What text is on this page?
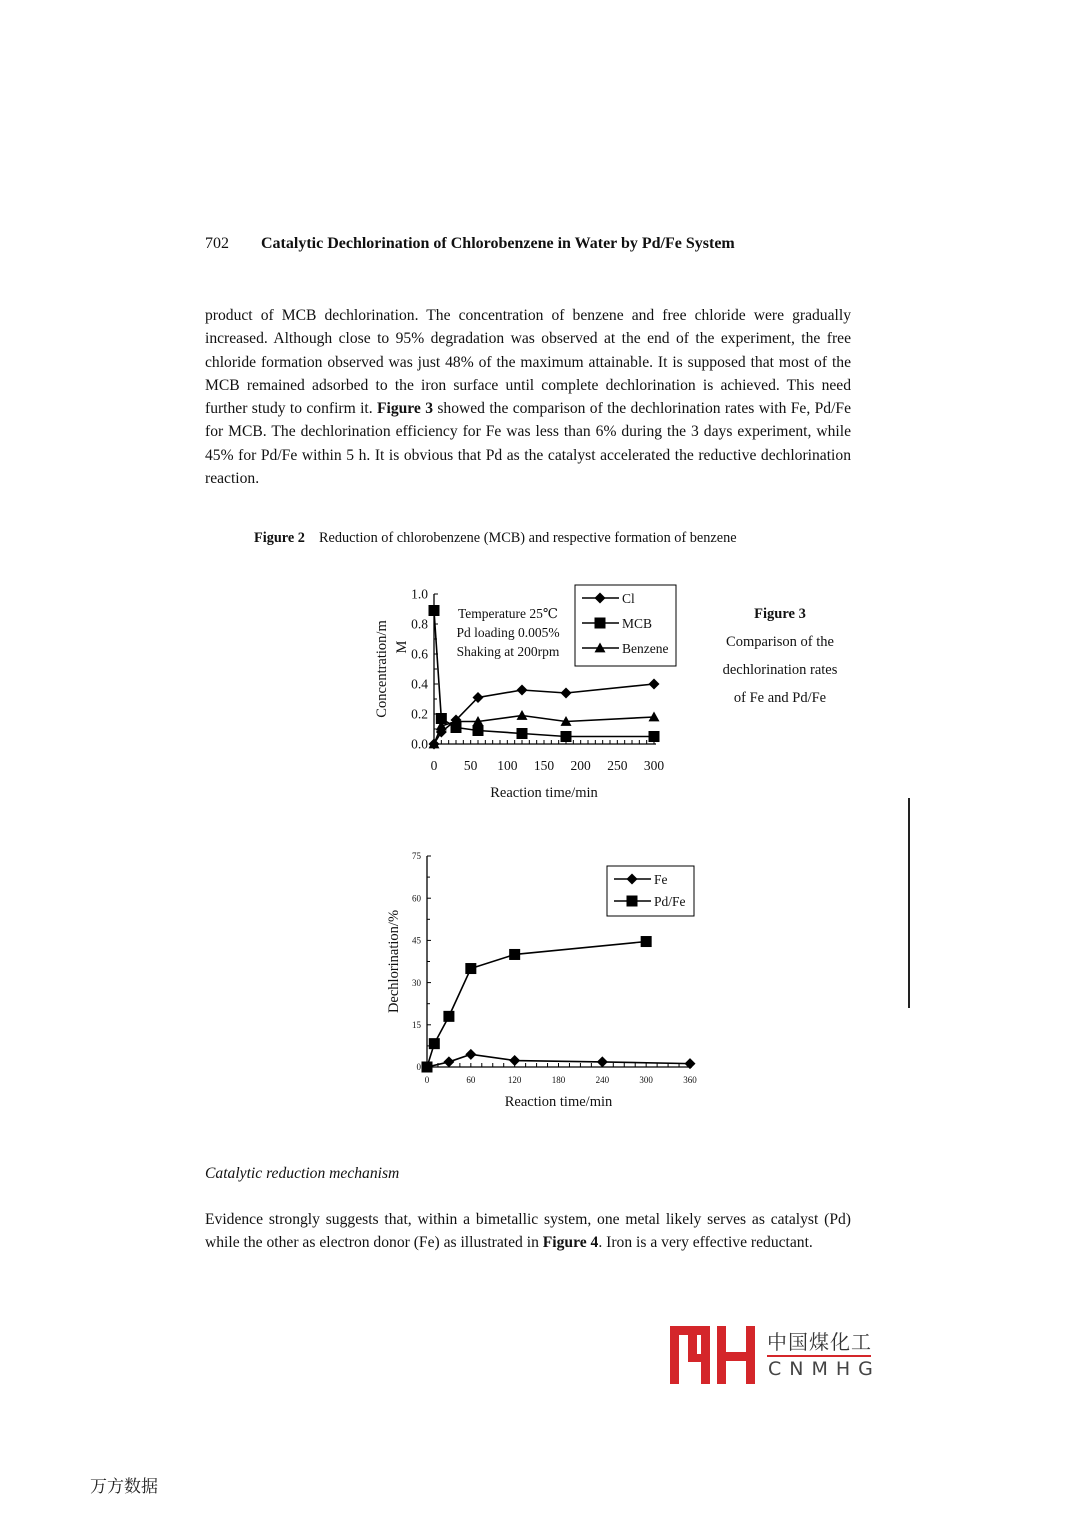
702 Catalytic Dechlorination of Chlorobenzene in Water by Pd/Fe System
product of MCB dechlorination. The concentration of benzene and free chloride were gradually increased. Although close to 95% degradation was observed at the end of the experiment, the free chloride formation observed was just 48% of the maximum attainable. It is supposed that most of the MCB remained adsorbed to the iron surface until complete dechlorination is achieved. This need further study to confirm it. Figure 3 showed the comparison of the dechlorination rates with Fe, Pd/Fe for MCB. The dechlorination efficiency for Fe was less than 6% during the 3 days experiment, while 45% for Pd/Fe within 5 h. It is obvious that Pd as the catalyst accelerated the reductive dechlorination reaction.
Figure 2 Reduction of chlorobenzene (MCB) and respective formation of benzene
0.0
0.2
0.4
0.6
0.8
1.0
0 50 100 150 200 250 300
Reaction time/min
Concentration/m M
Cl
MCB
Benzene
Temperature 25℃
Pd loading 0.005%
Shaking at 200rpm
Figure 3
Comparison of the
dechlorination rates
of Fe and Pd/Fe
0
15
30
45
60
75
0	60	120	180	240	300	360
Reaction time/min
Dechlorination/%
Fe
Pd/Fe
Catalytic reduction mechanism
Evidence strongly suggests that, within a bimetallic system, one metal likely serves as catalyst (Pd) while the other as electron donor (Fe) as illustrated in Figure 4. Iron is a very effective reductant.
中国煤化工
CNMHG
万方数据
